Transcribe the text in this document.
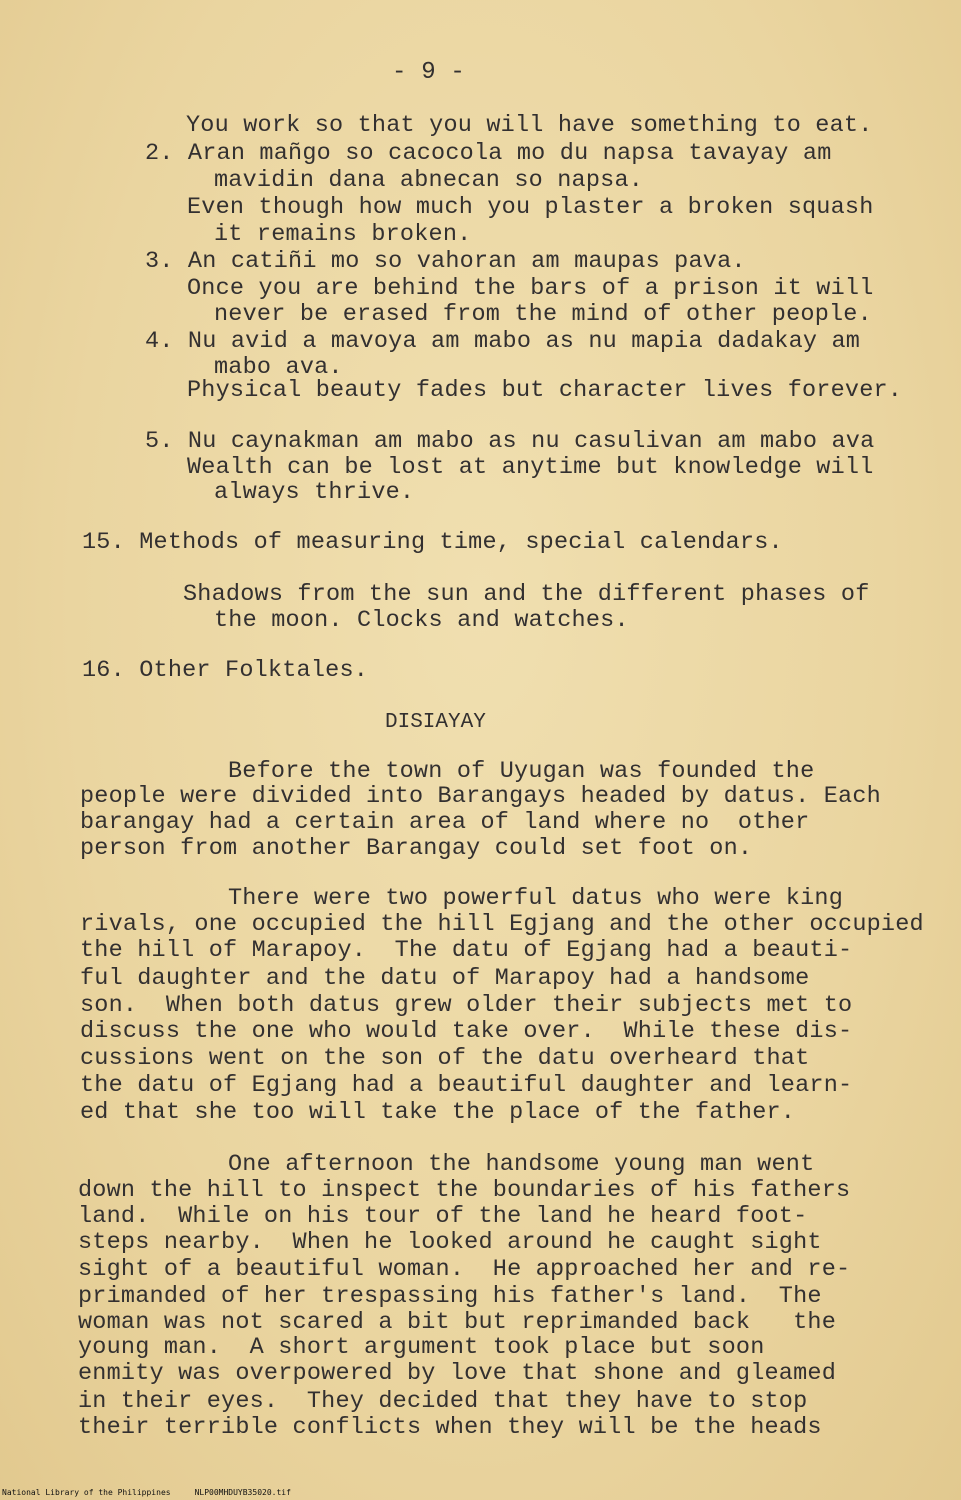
- 9 -
You work so that you will have something to eat.
2. Aran mañgo so cacocola mo du napsa tavayay am
mavidin dana abnecan so napsa.
Even though how much you plaster a broken squash
it remains broken.
3. An catiñi mo so vahoran am maupas pava.
Once you are behind the bars of a prison it will
never be erased from the mind of other people.
4. Nu avid a mavoya am mabo as nu mapia dadakay am
mabo ava.
Physical beauty fades but character lives forever.
5. Nu caynakman am mabo as nu casulivan am mabo ava
Wealth can be lost at anytime but knowledge will
always thrive.
15. Methods of measuring time, special calendars.
Shadows from the sun and the different phases of
the moon. Clocks and watches.
16. Other Folktales.
DISIAYAY
Before the town of Uyugan was founded the
people were divided into Barangays headed by datus. Each
barangay had a certain area of land where no  other
person from another Barangay could set foot on.
There were two powerful datus who were king
rivals, one occupied the hill Egjang and the other occupied
the hill of Marapoy.  The datu of Egjang had a beauti-
ful daughter and the datu of Marapoy had a handsome
son.  When both datus grew older their subjects met to
discuss the one who would take over.  While these dis-
cussions went on the son of the datu overheard that
the datu of Egjang had a beautiful daughter and learn-
ed that she too will take the place of the father.
One afternoon the handsome young man went
down the hill to inspect the boundaries of his fathers
land.  While on his tour of the land he heard foot-
steps nearby.  When he looked around he caught sight
sight of a beautiful woman.  He approached her and re-
primanded of her trespassing his father's land.  The
woman was not scared a bit but reprimanded back   the
young man.  A short argument took place but soon
enmity was overpowered by love that shone and gleamed
in their eyes.  They decided that they have to stop
their terrible conflicts when they will be the heads
National Library of the Philippines	NLP00MHDUYB35020.tif
